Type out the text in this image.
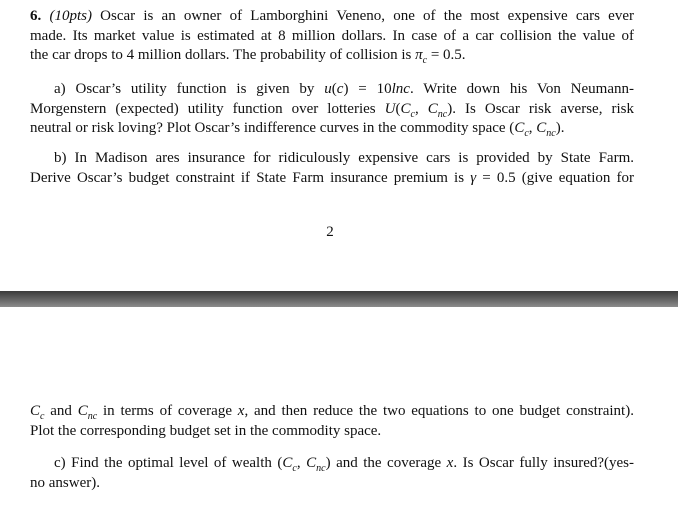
6. (10pts) Oscar is an owner of Lamborghini Veneno, one of the most expensive cars ever
made. Its market value is estimated at 8 million dollars. In case of a car collision the value of
the car drops to 4 million dollars. The probability of collision is $\pi_c = 0.5$.
a) Oscar’s utility function is given by u(c) = 10lnc. Write down his Von Neumann-
Morgenstern (expected) utility function over lotteries $U(C_c$, $C_{nc}$). Is Oscar risk averse, risk
neutral or risk loving? Plot Oscar’s indifference curves in the commodity space ($C_c$, $C_{nc}$).
b) In Madison ares insurance for ridiculously expensive cars is provided by State Farm.
Derive Oscar’s budget constraint if State Farm insurance premium is γ = 0.5 (give equation for
2
$C_c$ and $C_{nc}$ in terms of coverage x, and then reduce the two equations to one budget constraint).
Plot the corresponding budget set in the commodity space.
c) Find the optimal level of wealth ($C_c$, $C_{nc}$) and the coverage x. Is Oscar fully insured?(yes-
no answer).
